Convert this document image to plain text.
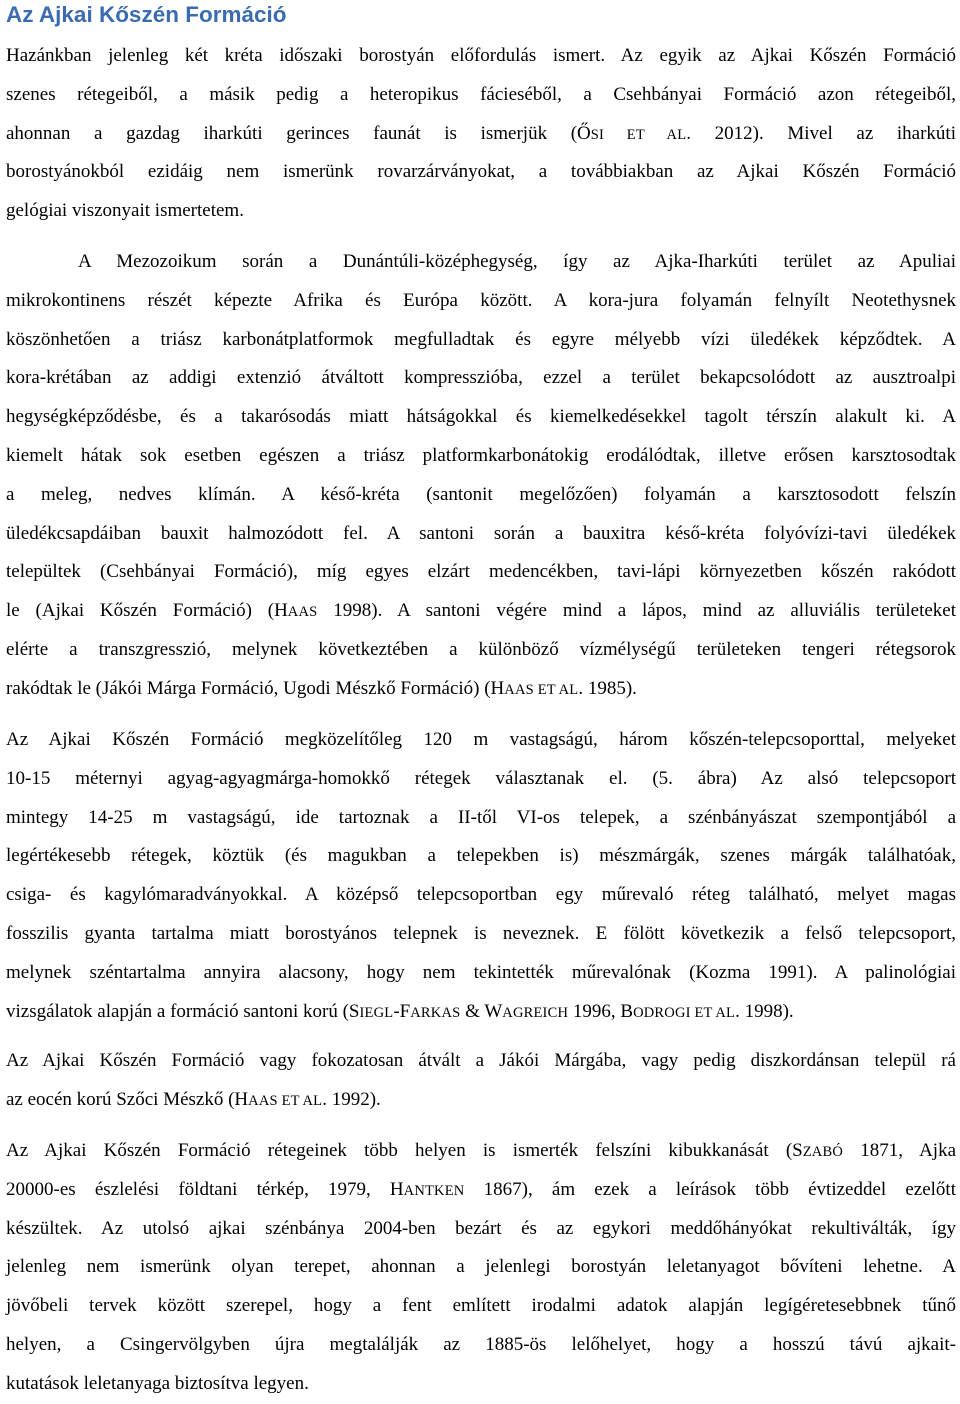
Az Ajkai Kőszén Formáció
Hazánkban jelenleg két kréta időszaki borostyán előfordulás ismert. Az egyik az Ajkai Kőszén Formáció
szenes rétegeiből, a másik pedig a heteropikus fácieséből, a Csehbányai Formáció azon rétegeiből,
ahonnan a gazdag iharkúti gerinces faunát is ismerjük (ŐSI ET AL. 2012). Mivel az iharkúti
borostyánokból ezidáig nem ismerünk rovarzárványokat, a továbbiakban az Ajkai Kőszén Formáció
gelógiai viszonyait ismertetem.
A Mezozoikum során a Dunántúli-középhegység, így az Ajka-Iharkúti terület az Apuliai
mikrokontinens részét képezte Afrika és Európa között. A kora-jura folyamán felnyílt Neotethysnek
köszönhetően a triász karbonátplatformok megfulladtak és egyre mélyebb vízi üledékek képződtek. A
kora-krétában az addigi extenzió átváltott kompresszióba, ezzel a terület bekapcsolódott az ausztroalpi
hegységképződésbe, és a takarósodás miatt hátságokkal és kiemelkedésekkel tagolt térszín alakult ki. A
kiemelt hátak sok esetben egészen a triász platformkarbonátokig erodálódtak, illetve erősen karsztosodtak
a meleg, nedves klímán. A késő-kréta (santonit megelőzően) folyamán a karsztosodott felszín
üledékcsapdáiban bauxit halmozódott fel. A santoni során a bauxitra késő-kréta folyóvízi-tavi üledékek
települtek (Csehbányai Formáció), míg egyes elzárt medencékben, tavi-lápi környezetben kőszén rakódott
le (Ajkai Kőszén Formáció) (HAAS 1998). A santoni végére mind a lápos, mind az alluviális területeket
elérte a transzgresszió, melynek következtében a különböző vízmélységű területeken tengeri rétegsorok
rakódtak le (Jákói Márga Formáció, Ugodi Mészkő Formáció) (HAAS ET AL. 1985).
Az Ajkai Kőszén Formáció megközelítőleg 120 m vastagságú, három kőszén-telepcsoporttal, melyeket
10-15 méternyi agyag-agyagmárga-homokkő rétegek választanak el. (5. ábra) Az alsó telepcsoport
mintegy 14-25 m vastagságú, ide tartoznak a II-től VI-os telepek, a szénbányászat szempontjából a
legértékesebb rétegek, köztük (és magukban a telepekben is) mészmárgák, szenes márgák találhatóak,
csiga- és kagylómaradványokkal. A középső telepcsoportban egy műrevaló réteg található, melyet magas
fosszilis gyanta tartalma miatt borostyános telepnek is neveznek. E fölött következik a felső telepcsoport,
melynek széntartalma annyira alacsony, hogy nem tekintették műrevalónak (Kozma 1991). A palinológiai
vizsgálatok alapján a formáció santoni korú (SIEGL-FARKAS & WAGREICH 1996, BODROGI ET AL. 1998).
Az Ajkai Kőszén Formáció vagy fokozatosan átvált a Jákói Márgába, vagy pedig diszkordánsan települ rá
az eocén korú Szőci Mészkő (HAAS ET AL. 1992).
Az Ajkai Kőszén Formáció rétegeinek több helyen is ismerték felszíni kibukkanását (SZABÓ 1871, Ajka
20000-es észlelési földtani térkép, 1979, HANTKEN 1867), ám ezek a leírások több évtizeddel ezelőtt
készültek. Az utolsó ajkai szénbánya 2004-ben bezárt és az egykori meddőhányókat rekultiválták, így
jelenleg nem ismerünk olyan terepet, ahonnan a jelenlegi borostyán leletanyagot bővíteni lehetne. A
jövőbeli tervek között szerepel, hogy a fent említett irodalmi adatok alapján legígéretesebbnek tűnő
helyen, a Csingervölgyben újra megtalálják az 1885-ös lelőhelyet, hogy a hosszú távú ajkait-
kutatások leletanyaga biztosítva legyen.
